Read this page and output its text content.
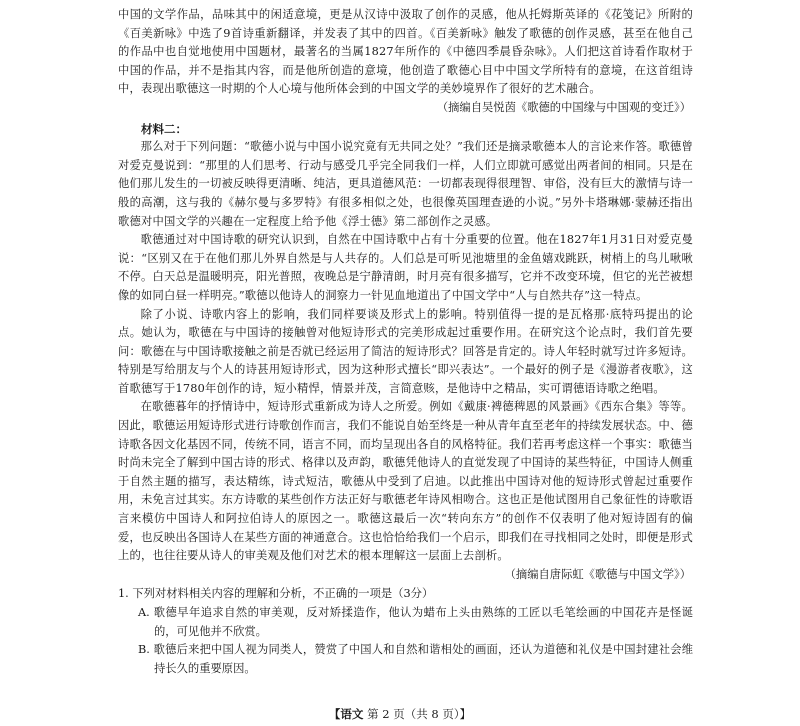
中国的文学作品，品味其中的闲适意境，更是从汉诗中汲取了创作的灵感，他从托姆斯英译的《花笺记》所附的《百美新咏》中选了9首诗重新翻译，并发表了其中的四首。《百美新咏》触发了歌德的创作灵感，甚至在他自己的作品中也自觉地使用中国题材，最著名的当属1827年所作的《中德四季晨昏杂咏》。人们把这首诗看作取材于中国的作品，并不是指其内容，而是他所创造的意境，他创造了歌德心目中中国文学所特有的意境，在这首组诗中，表现出歌德这一时期的个人心境与他所体会到的中国文学的美妙境界作了很好的艺术融合。

（摘编自吴悦茵《歌德的中国缘与中国观的变迁》）

材料二：

那么对于下列问题：“歌德小说与中国小说究竟有无共同之处？”我们还是摘录歌德本人的言论来作答。歌德曾对爱克曼说到：“那里的人们思考、行动与感受几乎完全同我们一样，人们立即就可感觉出两者间的相同。只是在他们那儿发生的一切被反映得更清晰、纯洁，更具道德风范：一切都表现得很理智、审俗，没有巨大的激情与诗一般的高潮，这与我的《赫尔曼与多罗特》有很多相似之处，也很像英国理查逊的小说。”另外卡塔琳娜·蒙赫还指出歌德对中国文学的兴趣在一定程度上给予他《浮士德》第二部创作之灵感。

歌德通过对中国诗歌的研究认识到，自然在中国诗歌中占有十分重要的位置。他在1827年1月31日对爱克曼说：“区别又在于在他们那儿外界自然是与人共存的。人们总是可听见池塘里的金鱼嬉戏跳跃，树梢上的鸟儿啾啾不停。白天总是温暖明亮，阳光普照，夜晚总是宁静清朗，时月亮有很多描写，它并不改变环境，但它的光芒被想像的如同白昼一样明亮。”歌德以他诗人的洞察力一针见血地道出了中国文学中“人与自然共存”这一特点。

除了小说、诗歌内容上的影响，我们同样要谈及形式上的影响。特别值得一提的是瓦格那·底特玛提出的论点。她认为，歌德在与中国诗的接触曾对他短诗形式的完美形成起过重要作用。在研究这个论点时，我们首先要问：歌德在与中国诗歌接触之前是否就已经运用了简洁的短诗形式？回答是肯定的。诗人年轻时就写过许多短诗。特别是写给朋友与个人的诗甚用短诗形式，因为这种形式擅长“即兴表达”。一个最好的例子是《漫游者夜歌》，这首歌德写于1780年创作的诗，短小精悍，情景并茂，言简意赅，是他诗中之精品，实可谓德语诗歌之绝唱。

在歌德暮年的抒情诗中，短诗形式重新成为诗人之所爱。例如《戴康·裨德稗恩的风景画》《西东合集》等等。因此，歌德运用短诗形式进行诗歌创作而言，我们不能说自始至终是一种从青年直至老年的持续发展状态。中、德诗歌各因文化基因不同，传统不同，语言不同，而均呈现出各自的风格特征。我们若再考虑这样一个事实：歌德当时尚未完全了解到中国古诗的形式、格律以及声韵，歌德凭他诗人的直觉发现了中国诗的某些特征，中国诗人侧重于自然主题的描写，表达精练，诗式短洁，歌德从中受到了启迪。以此推出中国诗对他的短诗形式曾起过重要作用，未免言过其实。东方诗歌的某些创作方法正好与歌德老年诗风相吻合。这也正是他试图用自己象征性的诗歌语言来模仿中国诗人和阿拉伯诗人的原因之一。歌德这最后一次“转向东方”的创作不仅表明了他对短诗固有的偏爱，也反映出各国诗人在某些方面的神通意合。这也恰恰给我们一个启示，即我们在寻找相同之处时，即便是形式上的，也往往要从诗人的审美观及他们对艺术的根本理解这一层面上去剖析。

（摘编自唐际虹《歌德与中国文学》）

1. 下列对材料相关内容的理解和分析，不正确的一项是（3分）

A. 歌德早年追求自然的审美观，反对矫揉造作，他认为蜡布上头由熟练的工匠以毛笔绘画的中国花卉是怪诞的，可见他并不欣赏。

B. 歌德后来把中国人视为同类人，赞赏了中国人和自然和谐相处的画面，还认为道德和礼仪是中国封建社会维持长久的重要原因。

【语文 第 2 页（共 8 页）】
